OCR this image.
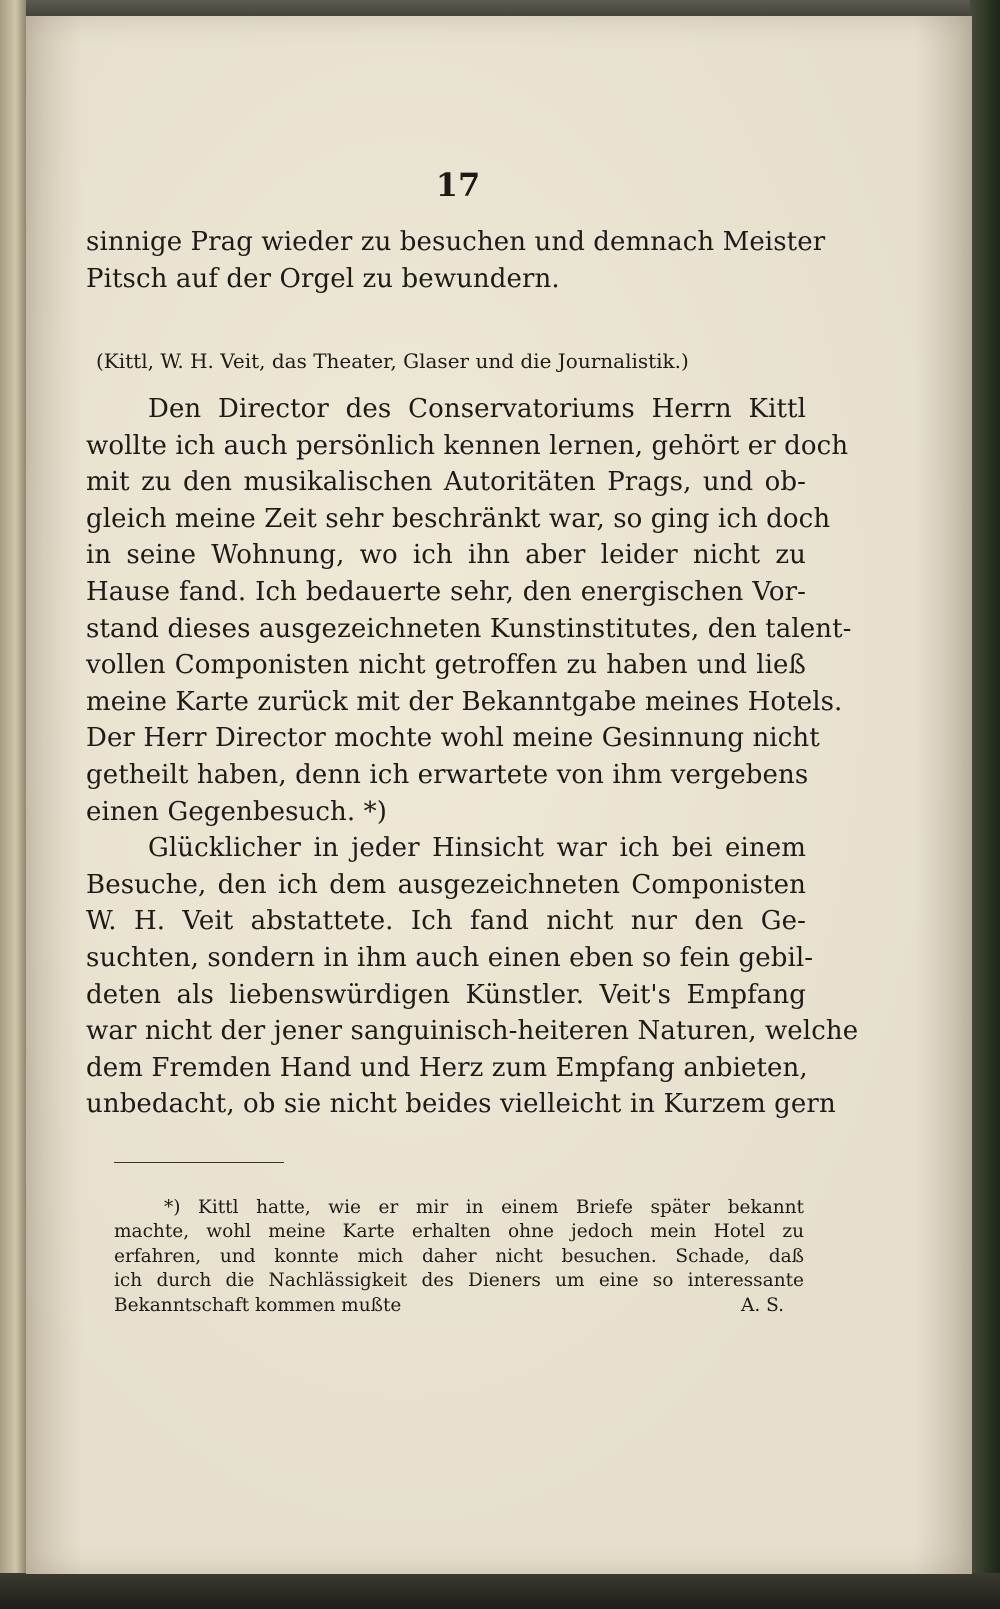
17
sinnige Prag wieder zu besuchen und demnach Meister
Pitsch auf der Orgel zu bewundern.
(Kittl, W. H. Veit, das Theater, Glaser und die Journalistik.)
Den Director des Conservatoriums Herrn Kittl
wollte ich auch persönlich kennen lernen, gehört er doch
mit zu den musikalischen Autoritäten Prags, und ob-
gleich meine Zeit sehr beschränkt war, so ging ich doch
in seine Wohnung, wo ich ihn aber leider nicht zu
Hause fand. Ich bedauerte sehr, den energischen Vor-
stand dieses ausgezeichneten Kunstinstitutes, den talent-
vollen Componisten nicht getroffen zu haben und ließ
meine Karte zurück mit der Bekanntgabe meines Hotels.
Der Herr Director mochte wohl meine Gesinnung nicht
getheilt haben, denn ich erwartete von ihm vergebens
einen Gegenbesuch. *)
Glücklicher in jeder Hinsicht war ich bei einem
Besuche, den ich dem ausgezeichneten Componisten
W. H. Veit abstattete. Ich fand nicht nur den Ge-
suchten, sondern in ihm auch einen eben so fein gebil-
deten als liebenswürdigen Künstler. Veit's Empfang
war nicht der jener sanguinisch-heiteren Naturen, welche
dem Fremden Hand und Herz zum Empfang anbieten,
unbedacht, ob sie nicht beides vielleicht in Kurzem gern
*) Kittl hatte, wie er mir in einem Briefe später bekannt
machte, wohl meine Karte erhalten ohne jedoch mein Hotel zu
erfahren, und konnte mich daher nicht besuchen. Schade, daß
ich durch die Nachlässigkeit des Dieners um eine so interessante
Bekanntschaft kommen mußte	A. S.
